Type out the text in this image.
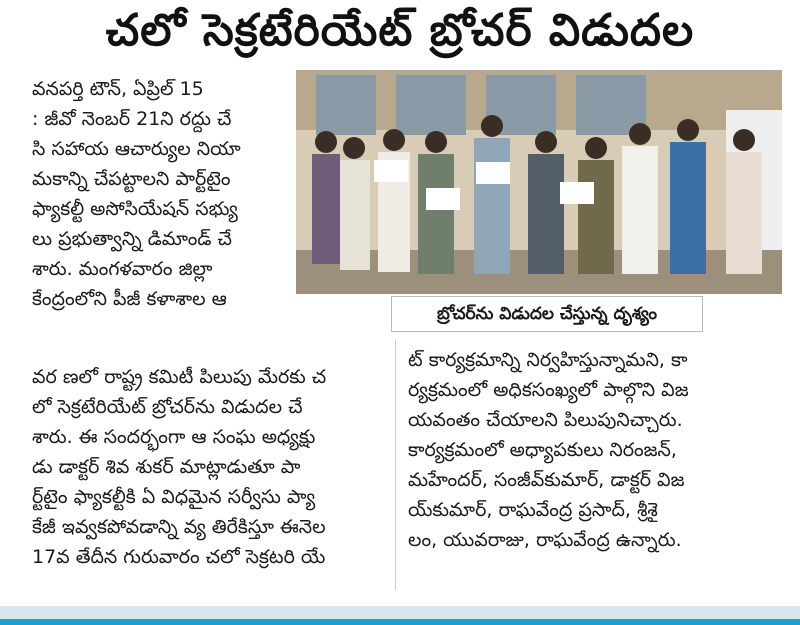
చలో సెక్రటేరియేట్ బ్రోచర్ విడుదల
వనపర్తి టౌన్, ఏప్రిల్ 15
: జీవో నెంబర్ 21ని రద్దు చే
సి సహాయ ఆచార్యుల నియా
మకాన్ని చేపట్టాలని పార్ట్‌టైం
ఫ్యాకల్టీ అసోసియేషన్ సభ్యు
లు ప్రభుత్వాన్ని డిమాండ్ చే
శారు. మంగళవారం జిల్లా
కేంద్రంలోని పీజీ కళాశాల ఆ
బ్రోచర్‌ను విడుదల చేస్తున్న దృశ్యం
వర ణలో రాష్ట్ర కమిటీ పిలుపు మేరకు చ
లో సెక్రటేరియేట్ బ్రోచర్‌ను విడుదల చే
శారు. ఈ సందర్భంగా ఆ సంఘ అధ్యక్షు
డు డాక్టర్ శివ శుకర్ మాట్లాడుతూ పా
ర్ట్‌టైం ఫ్యాకల్టీకి ఏ విధమైన సర్వీసు ప్యా
కేజీ ఇవ్వకపోవడాన్ని వ్య తిరేకిస్తూ ఈనెల
17వ తేదీన గురువారం చలో సెక్రటరి యే
ట్ కార్యక్రమాన్ని నిర్వహిస్తున్నామని, కా
ర్యక్రమంలో అధికసంఖ్యలో పాల్గొని విజ
యవంతం చేయాలని పిలుపునిచ్చారు.
కార్యక్రమంలో అధ్యాపకులు నిరంజన్,
మహేందర్, సంజీవ్‌కుమార్, డాక్టర్ విజ
య్‌కుమార్, రాఘవేంద్ర ప్రసాద్, శ్రీశై
లం, యువరాజు, రాఘవేంద్ర ఉన్నారు.
